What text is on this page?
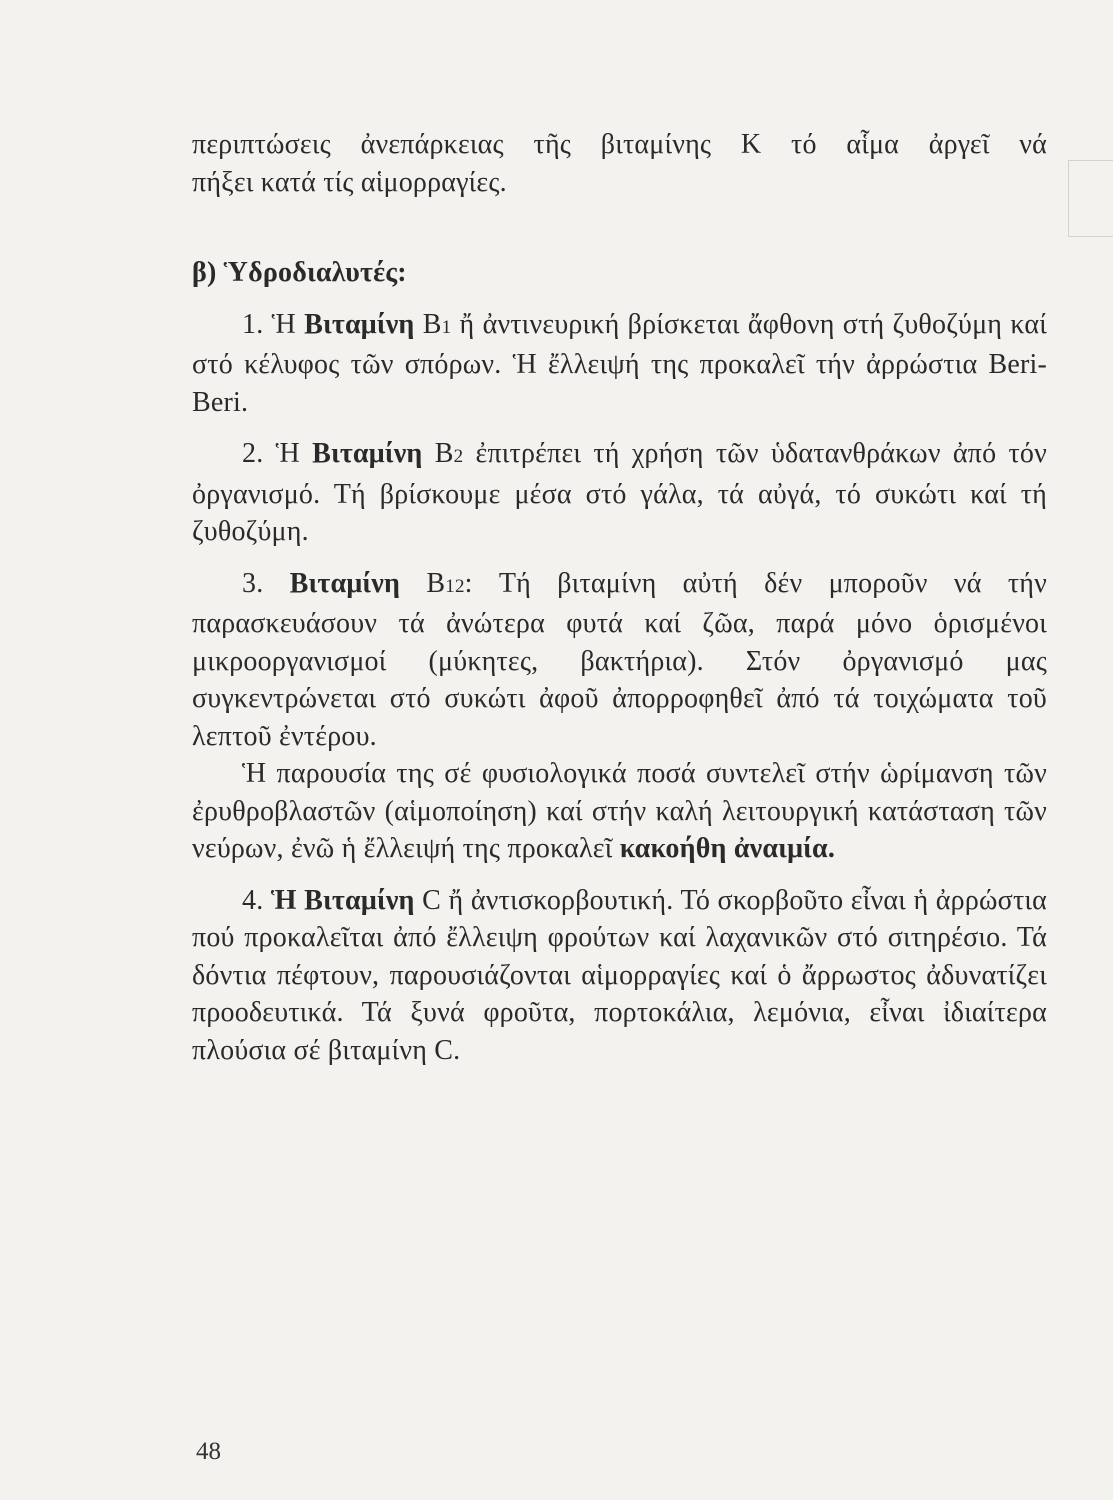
περιπτώσεις ἀνεπάρκειας τῆς βιταμίνης Κ τό αἷμα ἀργεῖ νά

πήξει κατά τίς αἱμορραγίες.

β) Ὑδροδιαλυτές:

1. Ἡ Βιταμίνη B1 ἤ ἀντινευρική βρίσκεται ἄφθονη στή ζυθοζύμη καί στό κέλυφος τῶν σπόρων. Ἡ ἔλλειψή της προκαλεῖ τήν ἀρρώστια Beri-Beri.

2. Ἡ Βιταμίνη B2 ἐπιτρέπει τή χρήση τῶν ὑδατανθράκων ἀπό τόν ὀργανισμό. Τή βρίσκουμε μέσα στό γάλα, τά αὐγά, τό συκώτι καί τή ζυθοζύμη.

3. Βιταμίνη B12: Τή βιταμίνη αὐτή δέν μποροῦν νά τήν παρασκευάσουν τά ἀνώτερα φυτά καί ζῶα, παρά μόνο ὁρισμένοι μικροοργανισμοί (μύκητες, βακτήρια). Στόν ὀργανισμό μας συγκεντρώνεται στό συκώτι ἀφοῦ ἀπορροφηθεῖ ἀπό τά τοιχώματα τοῦ λεπτοῦ ἐντέρου.

Ἡ παρουσία της σέ φυσιολογικά ποσά συντελεῖ στήν ὡρίμανση τῶν ἐρυθροβλαστῶν (αἱμοποίηση) καί στήν καλή λειτουργική κατάσταση τῶν νεύρων, ἐνῶ ἡ ἔλλειψή της προκαλεῖ κακοήθη ἀναιμία.

4. Ἡ Βιταμίνη C ἤ ἀντισκορβουτική. Τό σκορβοῦτο εἶναι ἡ ἀρρώστια πού προκαλεῖται ἀπό ἔλλειψη φρούτων καί λαχανικῶν στό σιτηρέσιο. Τά δόντια πέφτουν, παρουσιάζονται αἱμορραγίες καί ὁ ἄρρωστος ἀδυνατίζει προοδευτικά. Τά ξυνά φροῦτα, πορτοκάλια, λεμόνια, εἶναι ἰδιαίτερα πλούσια σέ βιταμίνη C.

48
